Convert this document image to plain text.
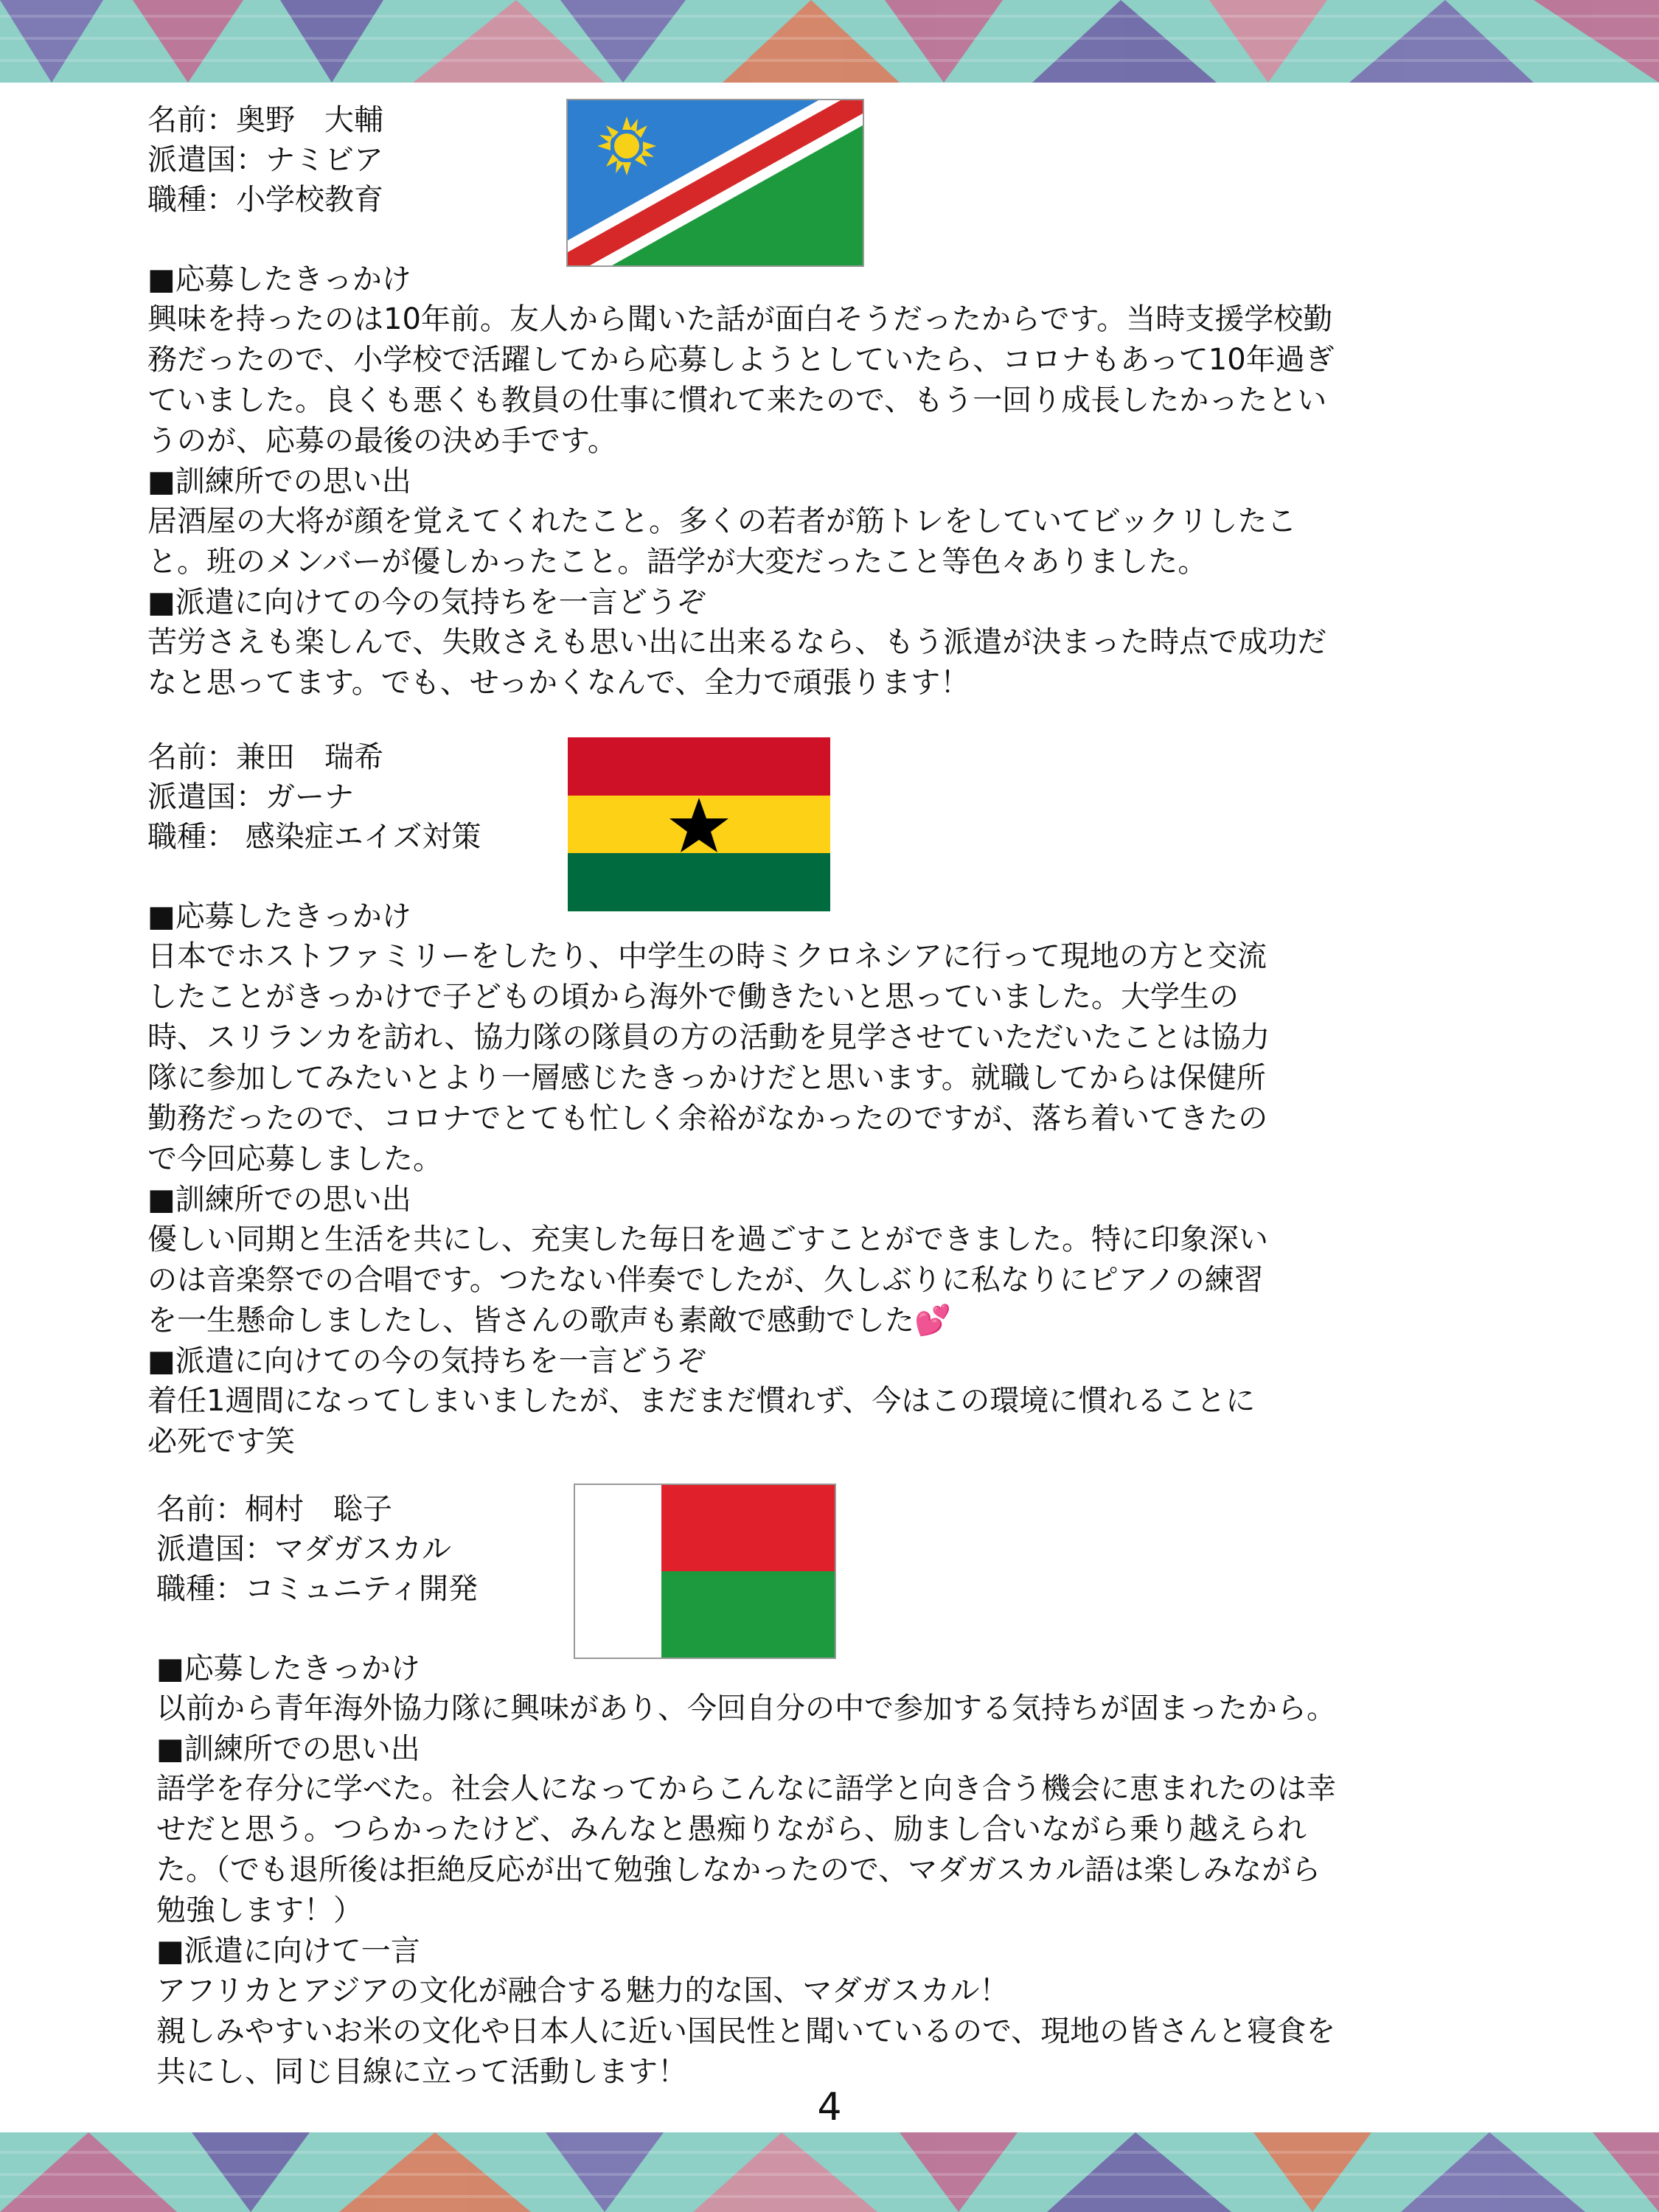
名前：奥野　大輔
派遣国：ナミビア
職種：小学校教育
■応募したきっかけ

興味を持ったのは10年前。友人から聞いた話が面白そうだったからです。当時支援学校勤

務だったので、小学校で活躍してから応募しようとしていたら、コロナもあって10年過ぎ

ていました。良くも悪くも教員の仕事に慣れて来たので、もう一回り成長したかったとい

うのが、応募の最後の決め手です。

■訓練所での思い出

居酒屋の大将が顔を覚えてくれたこと。多くの若者が筋トレをしていてビックリしたこ

と。班のメンバーが優しかったこと。語学が大変だったこと等色々ありました。

■派遣に向けての今の気持ちを一言どうぞ

苦労さえも楽しんで、失敗さえも思い出に出来るなら、もう派遣が決まった時点で成功だ

なと思ってます。でも、せっかくなんで、全力で頑張ります！

名前：兼田　瑞希
派遣国：ガーナ
職種： 感染症エイズ対策
■応募したきっかけ

日本でホストファミリーをしたり、中学生の時ミクロネシアに行って現地の方と交流

したことがきっかけで子どもの頃から海外で働きたいと思っていました。大学生の

時、スリランカを訪れ、協力隊の隊員の方の活動を見学させていただいたことは協力

隊に参加してみたいとより一層感じたきっかけだと思います。就職してからは保健所

勤務だったので、コロナでとても忙しく余裕がなかったのですが、落ち着いてきたの

で今回応募しました。

■訓練所での思い出

優しい同期と生活を共にし、充実した毎日を過ごすことができました。特に印象深い

のは音楽祭での合唱です。つたない伴奏でしたが、久しぶりに私なりにピアノの練習

を一生懸命しましたし、皆さんの歌声も素敵で感動でした💕

■派遣に向けての今の気持ちを一言どうぞ

着任1週間になってしまいましたが、まだまだ慣れず、今はこの環境に慣れることに

必死です笑

名前：桐村　聡子
派遣国：マダガスカル
職種：コミュニティ開発
■応募したきっかけ

以前から青年海外協力隊に興味があり、今回自分の中で参加する気持ちが固まったから。

■訓練所での思い出

語学を存分に学べた。社会人になってからこんなに語学と向き合う機会に恵まれたのは幸

せだと思う。つらかったけど、みんなと愚痴りながら、励まし合いながら乗り越えられ

た。（でも退所後は拒絶反応が出て勉強しなかったので、マダガスカル語は楽しみながら

勉強します！）

■派遣に向けて一言

アフリカとアジアの文化が融合する魅力的な国、マダガスカル！

親しみやすいお米の文化や日本人に近い国民性と聞いているので、現地の皆さんと寝食を

共にし、同じ目線に立って活動します！

4
